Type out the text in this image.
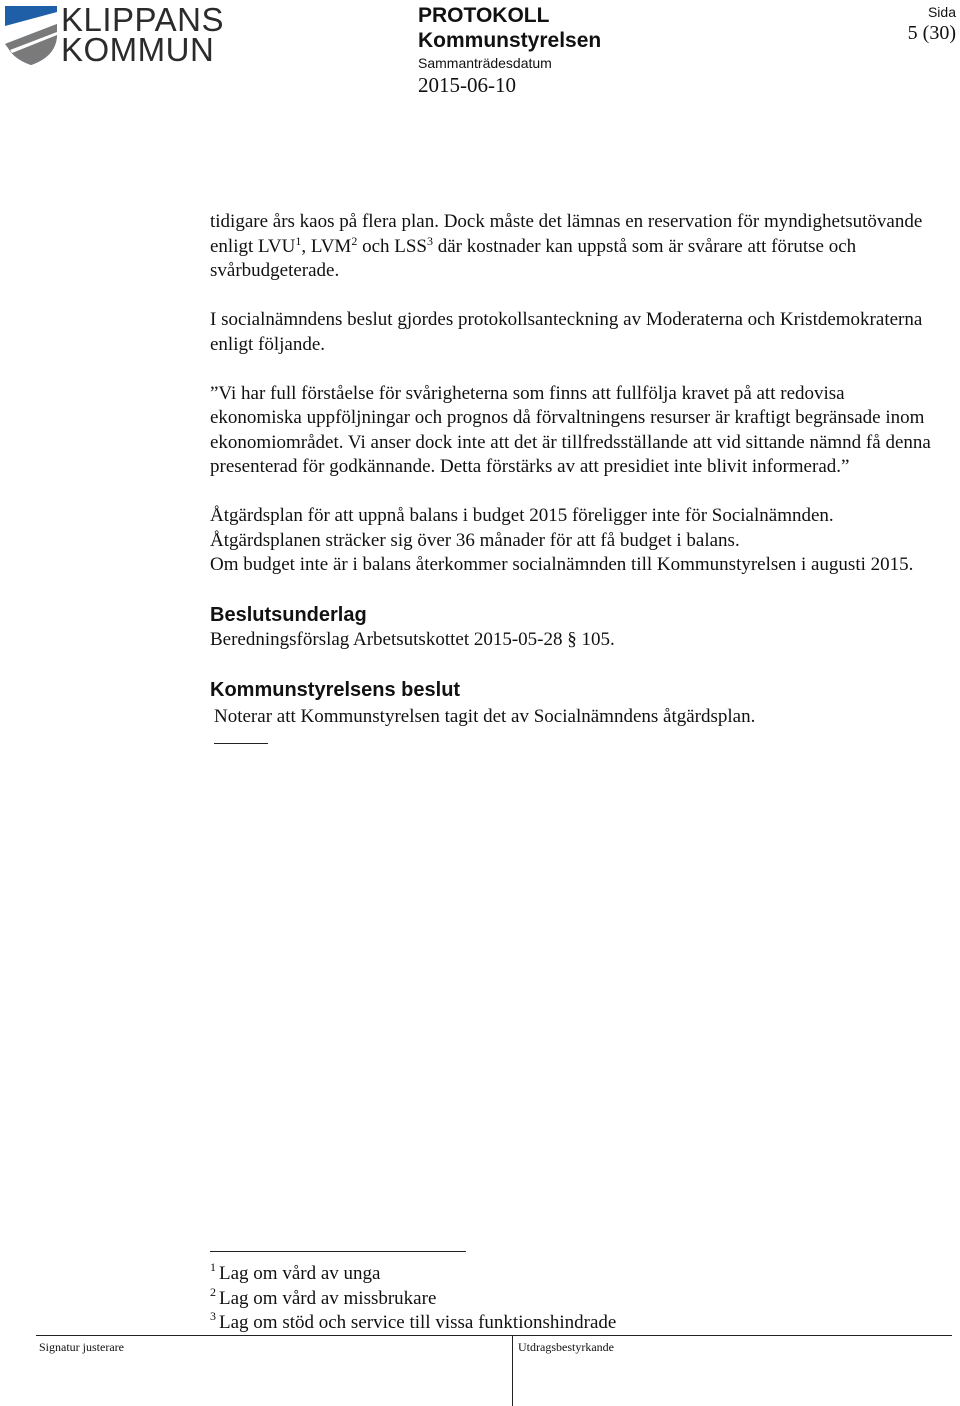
KLIPPANS
KOMMUN
PROTOKOLL
Kommunstyrelsen
Sammanträdesdatum
2015-06-10
Sida
5 (30)

tidigare års kaos på flera plan. Dock måste det lämnas en reservation för myndighetsutövande enligt LVU$^1$, LVM$^2$ och LSS$^3$ där kostnader kan uppstå som är svårare att förutse och svårbudgeterade.

I socialnämndens beslut gjordes protokollsanteckning av Moderaterna och Kristdemokraterna enligt följande.

”Vi har full förståelse för svårigheterna som finns att fullfölja kravet på att redovisa ekonomiska uppföljningar och prognos då förvaltningens resurser är kraftigt begränsade inom ekonomiområdet. Vi anser dock inte att det är tillfredsställande att vid sittande nämnd få denna presenterad för godkännande. Detta förstärks av att presidiet inte blivit informerad.”

Åtgärdsplan för att uppnå balans i budget 2015 föreligger inte för Socialnämnden.
Åtgärdsplanen sträcker sig över 36 månader för att få budget i balans.
Om budget inte är i balans återkommer socialnämnden till Kommunstyrelsen i augusti 2015.

Beslutsunderlag

Beredningsförslag Arbetsutskottet 2015-05-28 § 105.

Kommunstyrelsens beslut

Noterar att Kommunstyrelsen tagit det av Socialnämndens åtgärdsplan.

$^1$ Lag om vård av unga
$^2$ Lag om vård av missbrukare
$^3$ Lag om stöd och service till vissa funktionshindrade
Signatur justerare	Utdragsbestyrkande
